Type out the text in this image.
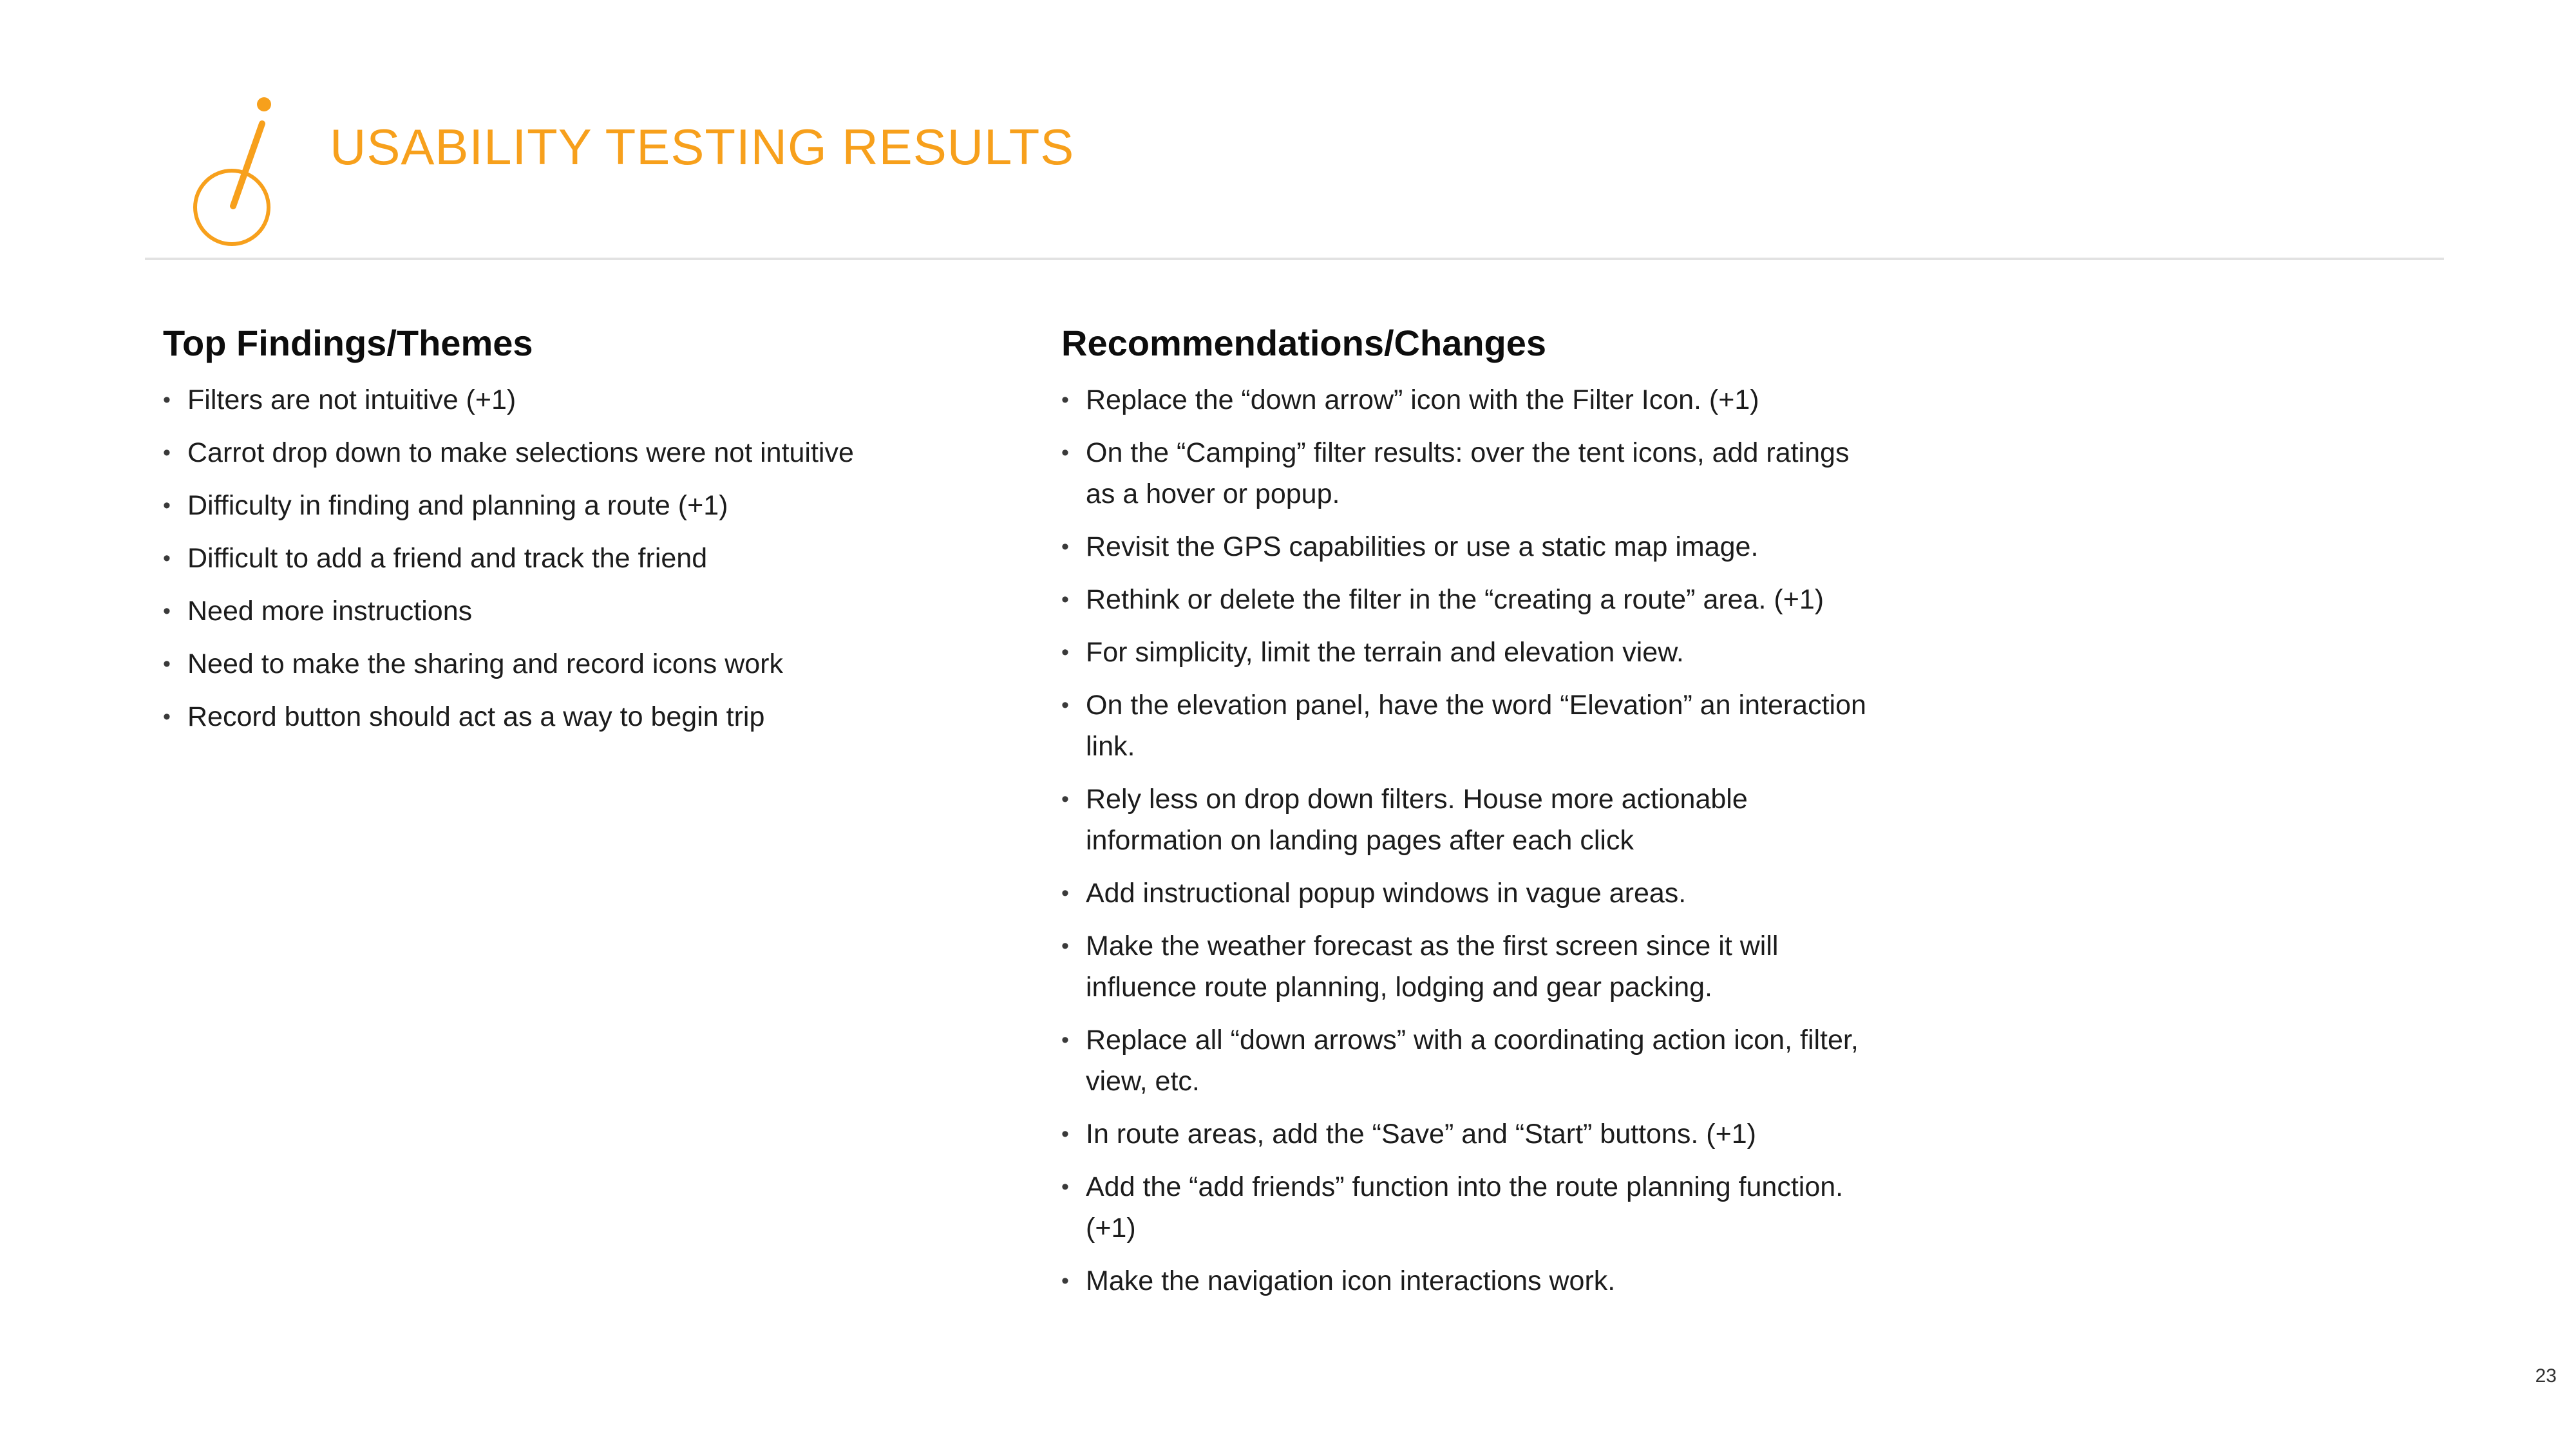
USABILITY TESTING RESULTS
Top Findings/Themes
• Filters are not intuitive (+1)
• Carrot drop down to make selections were not intuitive
• Difficulty in finding and planning a route (+1)
• Difficult to add a friend and track the friend
• Need more instructions
• Need to make the sharing and record icons work
• Record button should act as a way to begin trip
Recommendations/Changes
• Replace the “down arrow” icon with the Filter Icon. (+1)
• On the “Camping” filter results: over the tent icons, add ratings as a hover or popup.
• Revisit the GPS capabilities or use a static map image.
• Rethink or delete the filter in the “creating a route” area. (+1)
• For simplicity, limit the terrain and elevation view.
• On the elevation panel, have the word “Elevation” an interaction link.
• Rely less on drop down filters. House more actionable information on landing pages after each click
• Add instructional popup windows in vague areas.
• Make the weather forecast as the first screen since it will influence route planning, lodging and gear packing.
• Replace all “down arrows” with a coordinating action icon, filter, view, etc.
• In route areas, add the “Save” and “Start” buttons. (+1)
• Add the “add friends” function into the route planning function. (+1)
• Make the navigation icon interactions work.
23
